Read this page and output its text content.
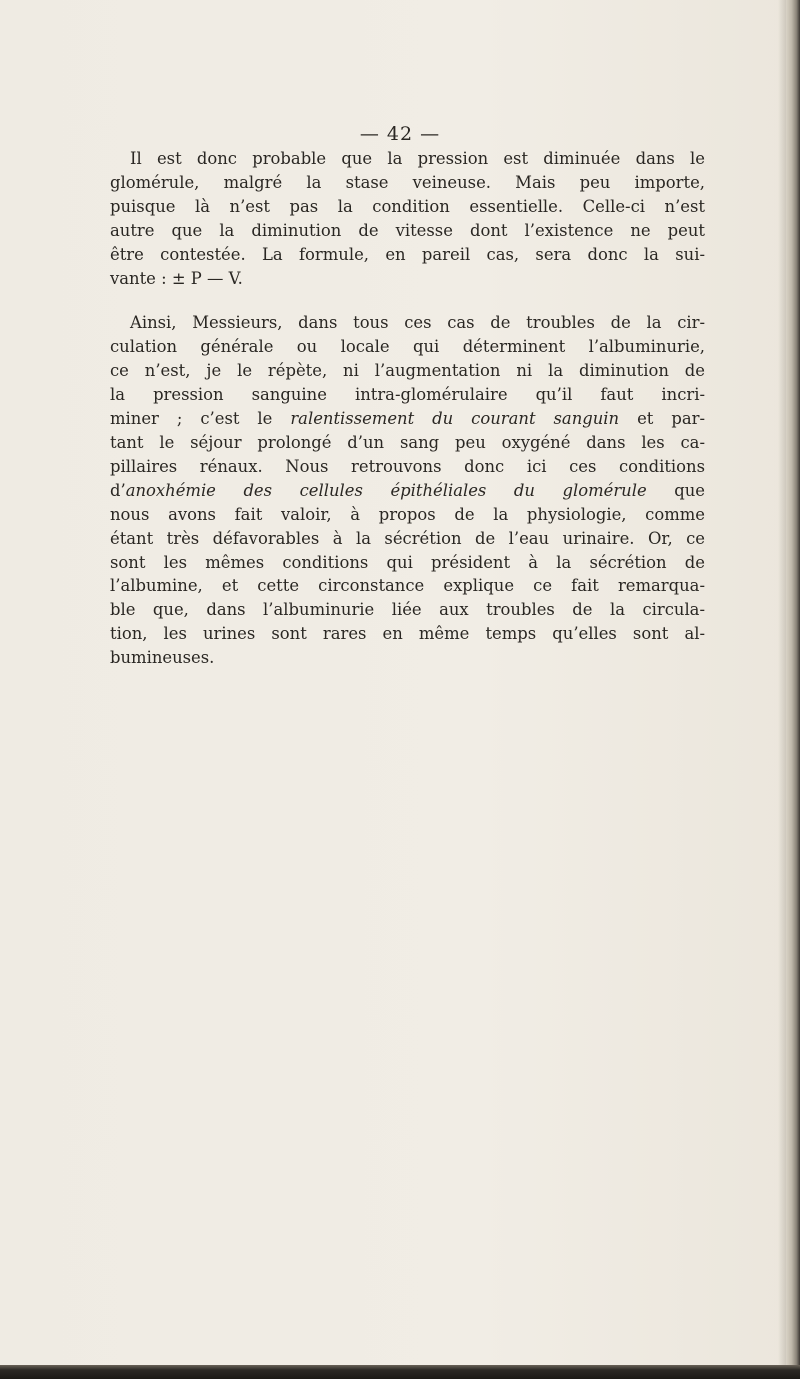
— 42 —
Il est donc probable que la pression est diminuée dans le
glomérule, malgré la stase veineuse. Mais peu importe,
puisque là n’est pas la condition essentielle. Celle-ci n’est
autre que la diminution de vitesse dont l’existence ne peut
être contestée. La formule, en pareil cas, sera donc la sui-
vante : ± P — V.
Ainsi, Messieurs, dans tous ces cas de troubles de la cir-
culation générale ou locale qui déterminent l’albuminurie,
ce n’est, je le répète, ni l’augmentation ni la diminution de
la pression sanguine intra-glomérulaire qu’il faut incri-
miner ; c’est le ralentissement du courant sanguin et par-
tant le séjour prolongé d’un sang peu oxygéné dans les ca-
pillaires rénaux. Nous retrouvons donc ici ces conditions
d’anoxhémie des cellules épithéliales du glomérule que
nous avons fait valoir, à propos de la physiologie, comme
étant très défavorables à la sécrétion de l’eau urinaire. Or, ce
sont les mêmes conditions qui président à la sécrétion de
l’albumine, et cette circonstance explique ce fait remarqua-
ble que, dans l’albuminurie liée aux troubles de la circula-
tion, les urines sont rares en même temps qu’elles sont al-
bumineuses.
